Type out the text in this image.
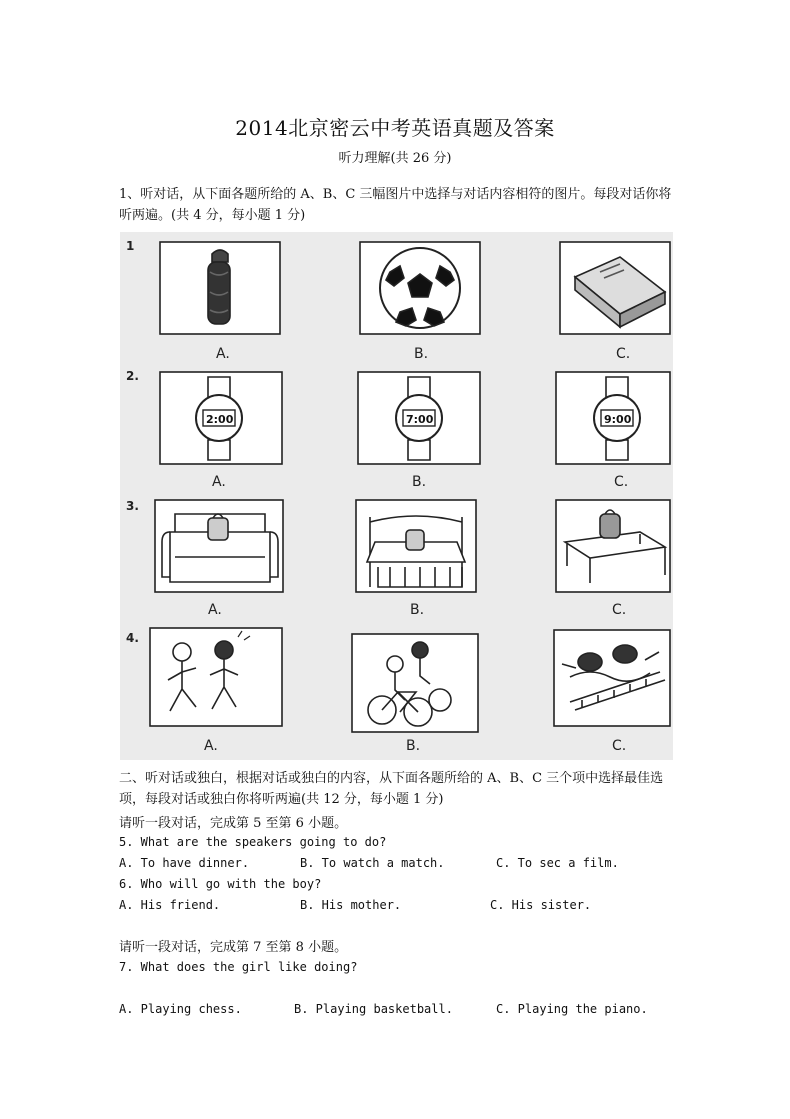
2014北京密云中考英语真题及答案
听力理解(共 26 分)
1、听对话，从下面各题所给的 A、B、C 三幅图片中选择与对话内容相符的图片。每段对话你将听两遍。(共 4 分，每小题 1 分)
1
A.	B.	C.
2.
2:00
A.
7:00
B.
9:00
C.
3.
A.	B.	C.
4.
A.	B.	C.
二、听对话或独白，根据对话或独白的内容，从下面各题所给的 A、B、C 三个项中选择最佳选项，每段对话或独白你将听两遍(共 12 分，每小题 1 分)
请听一段对话，完成第 5 至第 6 小题。
5. What are the speakers going to do?
A. To have dinner.	B. To watch a match.	C. To sec a film.
6. Who will go with the boy?
A. His friend.	B. His mother.	C. His sister.
请听一段对话，完成第 7 至第 8 小题。
7. What does the girl like doing?
A. Playing chess.	B. Playing basketball.	C. Playing the piano.
